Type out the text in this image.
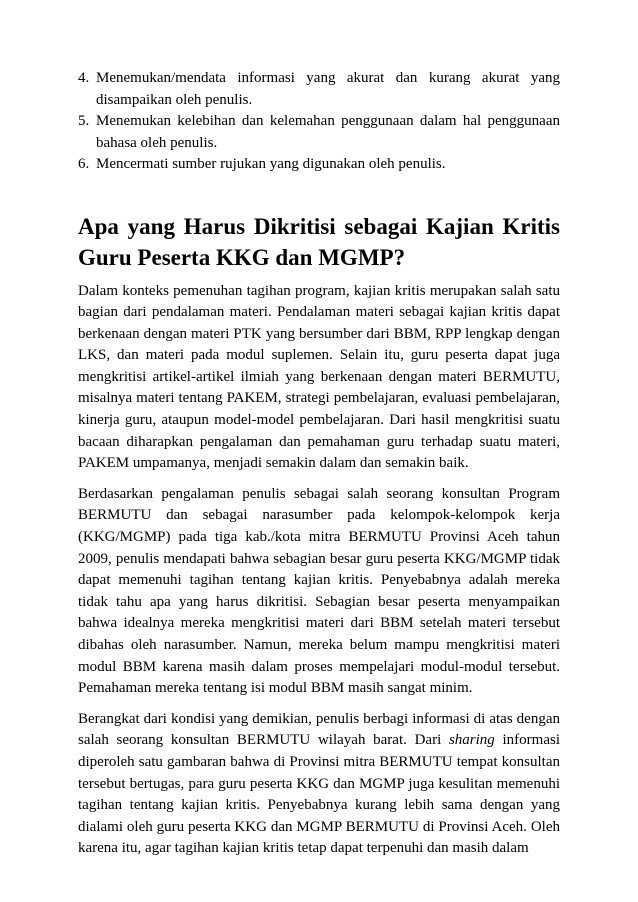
4. Menemukan/mendata informasi yang akurat dan kurang akurat yang disampaikan oleh penulis.
5. Menemukan kelebihan dan kelemahan penggunaan dalam hal penggunaan bahasa oleh penulis.
6. Mencermati sumber rujukan yang digunakan oleh penulis.
Apa yang Harus Dikritisi sebagai Kajian Kritis Guru Peserta KKG dan MGMP?

Dalam konteks pemenuhan tagihan program, kajian kritis merupakan salah satu bagian dari pendalaman materi. Pendalaman materi sebagai kajian kritis dapat berkenaan dengan materi PTK yang bersumber dari BBM, RPP lengkap dengan LKS, dan materi pada modul suplemen. Selain itu, guru peserta dapat juga mengkritisi artikel-artikel ilmiah yang berkenaan dengan materi BERMUTU, misalnya materi tentang PAKEM, strategi pembelajaran, evaluasi pembelajaran, kinerja guru, ataupun model-model pembelajaran. Dari hasil mengkritisi suatu bacaan diharapkan pengalaman dan pemahaman guru terhadap suatu materi, PAKEM umpamanya, menjadi semakin dalam dan semakin baik.

Berdasarkan pengalaman penulis sebagai salah seorang konsultan Program BERMUTU dan sebagai narasumber pada kelompok-kelompok kerja (KKG/MGMP) pada tiga kab./kota mitra BERMUTU Provinsi Aceh tahun 2009, penulis mendapati bahwa sebagian besar guru peserta KKG/MGMP tidak dapat memenuhi tagihan tentang kajian kritis. Penyebabnya adalah mereka tidak tahu apa yang harus dikritisi. Sebagian besar peserta menyampaikan bahwa idealnya mereka mengkritisi materi dari BBM setelah materi tersebut dibahas oleh narasumber. Namun, mereka belum mampu mengkritisi materi modul BBM karena masih dalam proses mempelajari modul-modul tersebut. Pemahaman mereka tentang isi modul BBM masih sangat minim.

Berangkat dari kondisi yang demikian, penulis berbagi informasi di atas dengan salah seorang konsultan BERMUTU wilayah barat. Dari sharing informasi diperoleh satu gambaran bahwa di Provinsi mitra BERMUTU tempat konsultan tersebut bertugas, para guru peserta KKG dan MGMP juga kesulitan memenuhi tagihan tentang kajian kritis. Penyebabnya kurang lebih sama dengan yang dialami oleh guru peserta KKG dan MGMP BERMUTU di Provinsi Aceh. Oleh karena itu, agar tagihan kajian kritis tetap dapat terpenuhi dan masih dalam
